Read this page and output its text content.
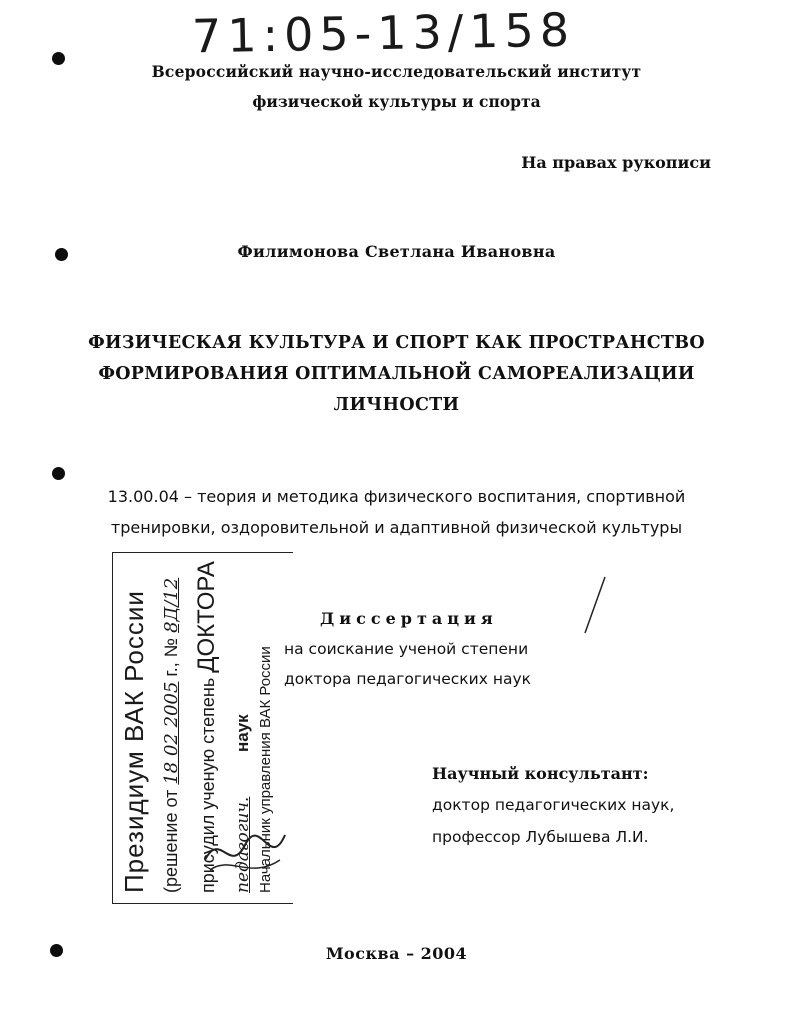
71:05-13/158
Всероссийский научно-исследовательский институт
физической культуры и спорта
На правах рукописи
Филимонова Светлана Ивановна
ФИЗИЧЕСКАЯ КУЛЬТУРА И СПОРТ КАК ПРОСТРАНСТВО
ФОРМИРОВАНИЯ ОПТИМАЛЬНОЙ САМОРЕАЛИЗАЦИИ
ЛИЧНОСТИ
13.00.04 – теория и методика физического воспитания, спортивной
тренировки, оздоровительной и адаптивной физической культуры
Диссертация
на соискание ученой степени
доктора педагогических наук
Научный консультант:
доктор педагогических наук,
профессор Лубышева Л.И.
Москва – 2004
Президиум ВАК России (решение от 18 02 2005 г., № 8Д/12
присудил ученую степень ДОКТОРА
педагогич. наук Начальник управления ВАК России
